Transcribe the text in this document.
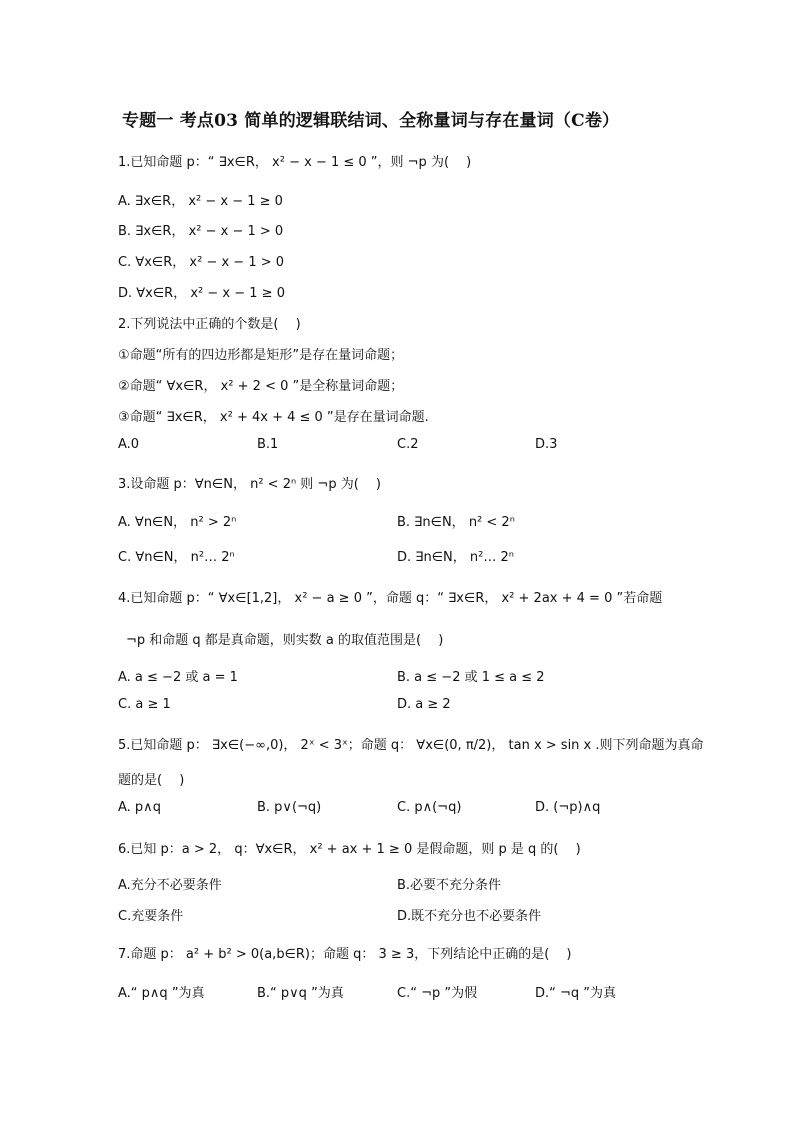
专题一 考点03 简单的逻辑联结词、全称量词与存在量词（C卷）
1.已知命题 p：“ ∃x∈R， x² − x − 1 ≤ 0 ”，则 ¬p 为(　 )
A. ∃x∈R， x² − x − 1 ≥ 0
B. ∃x∈R， x² − x − 1 > 0
C. ∀x∈R， x² − x − 1 > 0
D. ∀x∈R， x² − x − 1 ≥ 0
2.下列说法中正确的个数是(　 )
①命题“所有的四边形都是矩形”是存在量词命题；
②命题“ ∀x∈R， x² + 2 < 0 ”是全称量词命题；
③命题“ ∃x∈R， x² + 4x + 4 ≤ 0 ”是存在量词命题.
A.0	B.1	C.2	D.3
3.设命题 p：∀n∈N， n² < 2ⁿ 则 ¬p 为(　 )
A. ∀n∈N， n² > 2ⁿ	B. ∃n∈N， n² < 2ⁿ
C. ∀n∈N， n²… 2ⁿ	D. ∃n∈N， n²… 2ⁿ
4.已知命题 p：“ ∀x∈[1,2]， x² − a ≥ 0 ”，命题 q：“ ∃x∈R， x² + 2ax + 4 = 0 ”若命题
¬p 和命题 q 都是真命题，则实数 a 的取值范围是(　 )
A. a ≤ −2 或 a = 1	B. a ≤ −2 或 1 ≤ a ≤ 2
C. a ≥ 1	D. a ≥ 2
5.已知命题 p： ∃x∈(−∞,0)， 2ˣ < 3ˣ；命题 q： ∀x∈(0, π/2)， tan x > sin x .则下列命题为真命
题的是(　 )
A. p∧q	B. p∨(¬q)	C. p∧(¬q)	D. (¬p)∧q
6.已知 p：a > 2， q：∀x∈R， x² + ax + 1 ≥ 0 是假命题，则 p 是 q 的(　 )
A.充分不必要条件	B.必要不充分条件
C.充要条件	D.既不充分也不必要条件
7.命题 p： a² + b² > 0(a,b∈R)；命题 q： 3 ≥ 3，下列结论中正确的是(　 )
A.“ p∧q ”为真	B.“ p∨q ”为真	C.“ ¬p ”为假	D.“ ¬q ”为真
